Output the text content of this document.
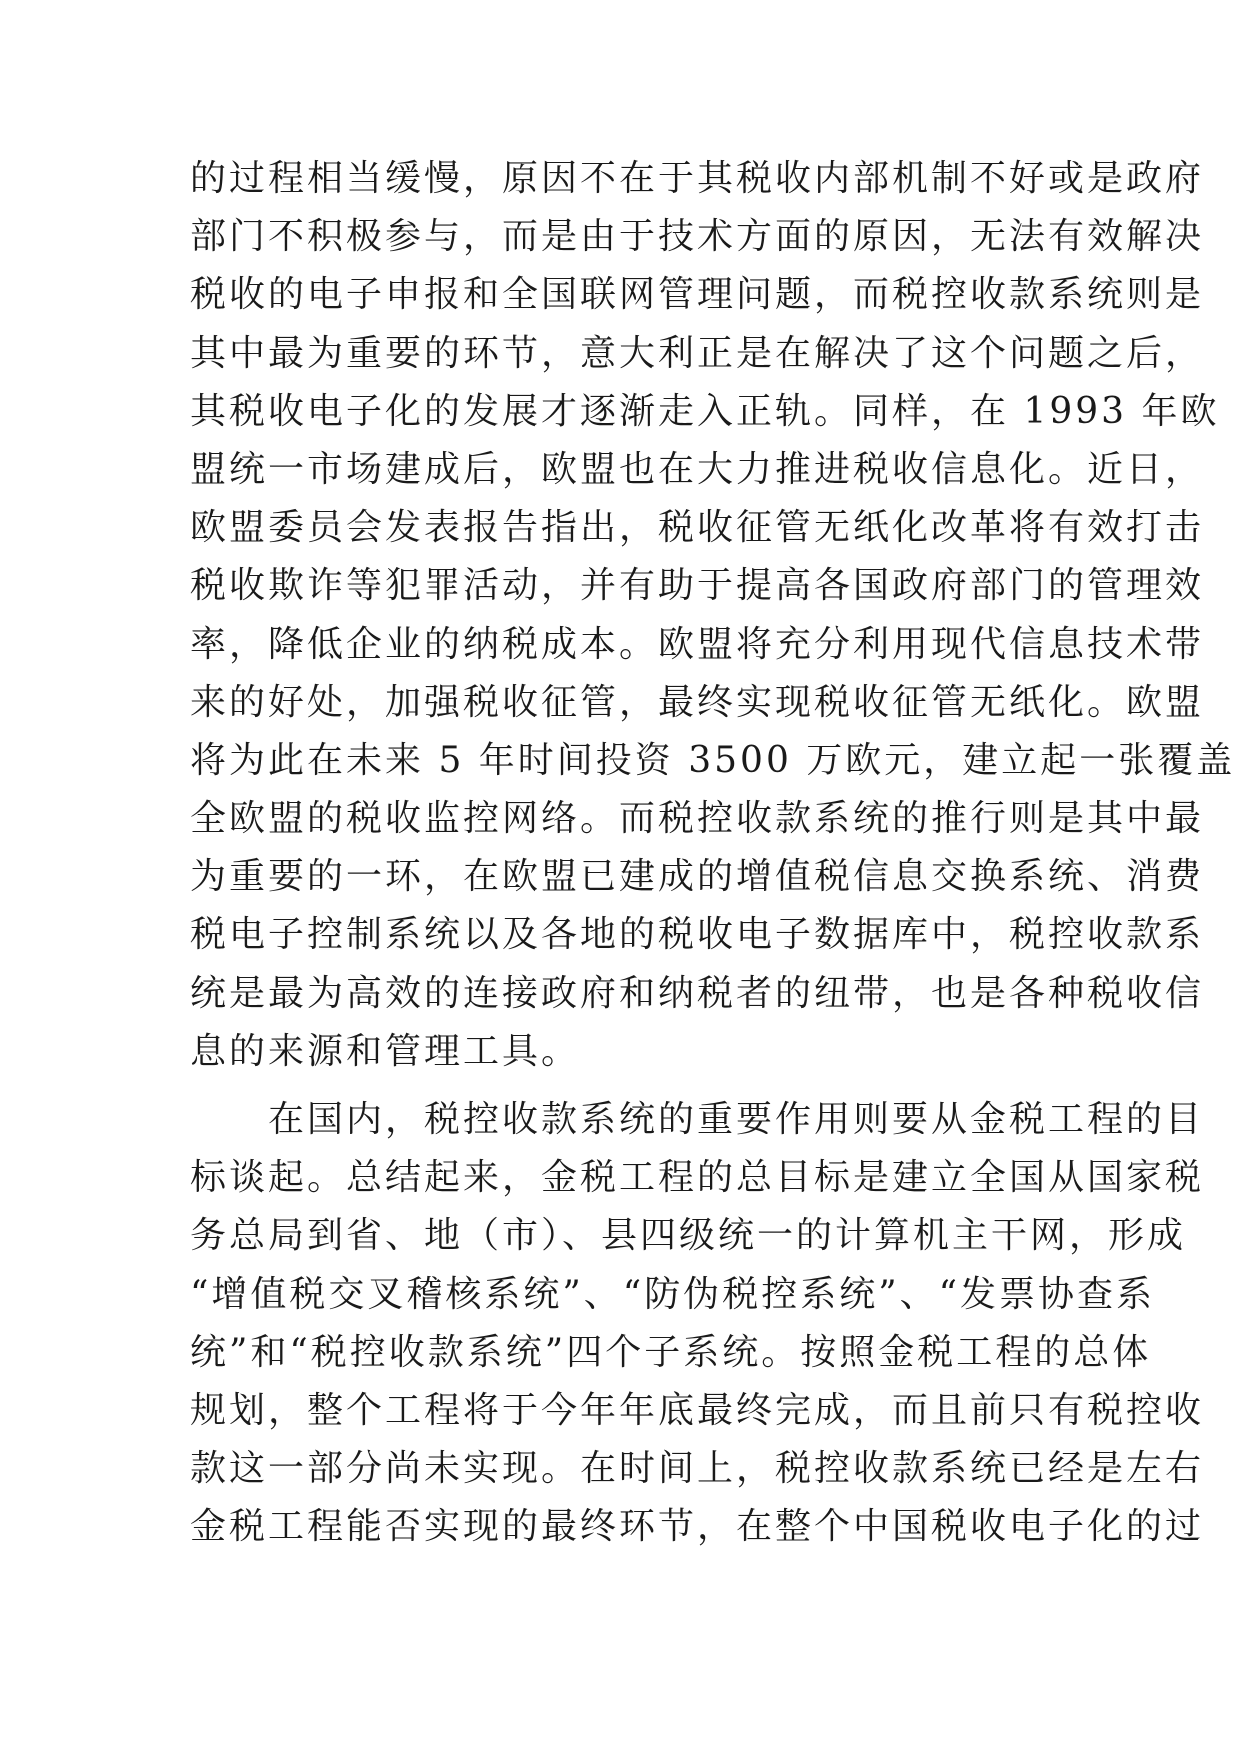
的过程相当缓慢，原因不在于其税收内部机制不好或是政府
部门不积极参与，而是由于技术方面的原因，无法有效解决
税收的电子申报和全国联网管理问题，而税控收款系统则是
其中最为重要的环节，意大利正是在解决了这个问题之后，
其税收电子化的发展才逐渐走入正轨。同样，在 1993 年欧
盟统一市场建成后，欧盟也在大力推进税收信息化。近日，
欧盟委员会发表报告指出，税收征管无纸化改革将有效打击
税收欺诈等犯罪活动，并有助于提高各国政府部门的管理效
率，降低企业的纳税成本。欧盟将充分利用现代信息技术带
来的好处，加强税收征管，最终实现税收征管无纸化。欧盟
将为此在未来 5 年时间投资 3500 万欧元，建立起一张覆盖
全欧盟的税收监控网络。而税控收款系统的推行则是其中最
为重要的一环，在欧盟已建成的增值税信息交换系统、消费
税电子控制系统以及各地的税收电子数据库中，税控收款系
统是最为高效的连接政府和纳税者的纽带，也是各种税收信
息的来源和管理工具。
　　在国内，税控收款系统的重要作用则要从金税工程的目
标谈起。总结起来，金税工程的总目标是建立全国从国家税
务总局到省、地（市）、县四级统一的计算机主干网，形成
“增值税交叉稽核系统”、“防伪税控系统”、“发票协查系
统”和“税控收款系统”四个子系统。按照金税工程的总体
规划，整个工程将于今年年底最终完成，而且前只有税控收
款这一部分尚未实现。在时间上，税控收款系统已经是左右
金税工程能否实现的最终环节，在整个中国税收电子化的过
